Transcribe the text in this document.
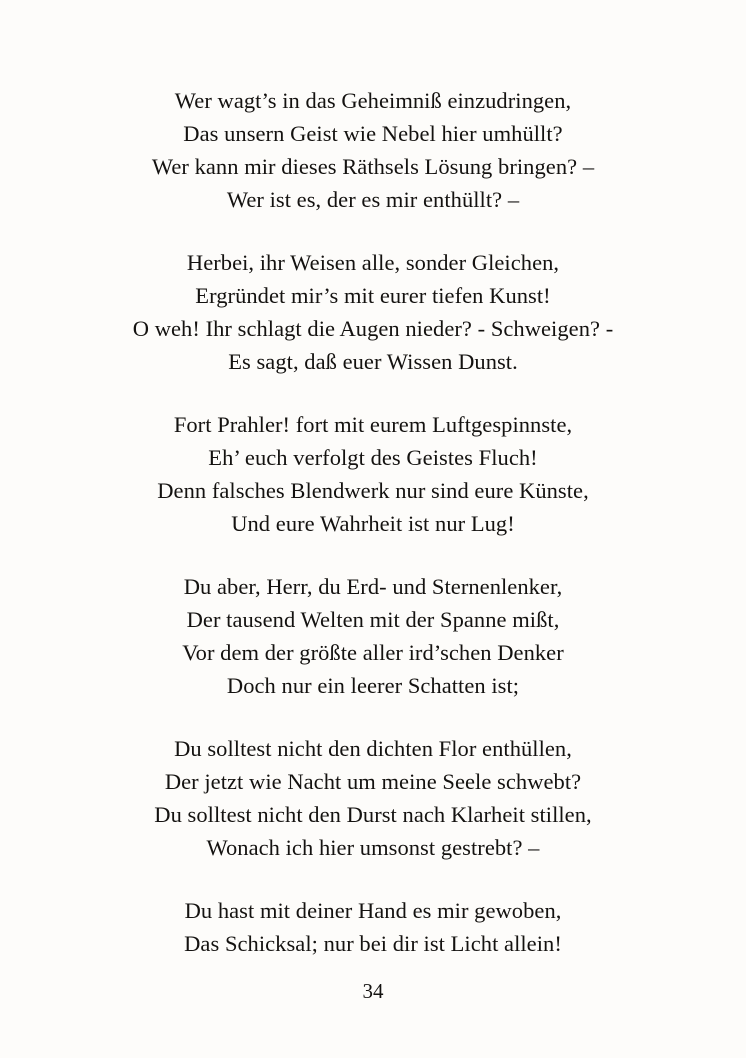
Wer wagt’s in das Geheimniß einzudringen,
Das unsern Geist wie Nebel hier umhüllt?
Wer kann mir dieses Räthsels Lösung bringen? –
Wer ist es, der es mir enthüllt? –
Herbei, ihr Weisen alle, sonder Gleichen,
Ergründet mir’s mit eurer tiefen Kunst!
O weh! Ihr schlagt die Augen nieder? - Schweigen? -
Es sagt, daß euer Wissen Dunst.
Fort Prahler! fort mit eurem Luftgespinnste,
Eh’ euch verfolgt des Geistes Fluch!
Denn falsches Blendwerk nur sind eure Künste,
Und eure Wahrheit ist nur Lug!
Du aber, Herr, du Erd- und Sternenlenker,
Der tausend Welten mit der Spanne mißt,
Vor dem der größte aller ird’schen Denker
Doch nur ein leerer Schatten ist;
Du solltest nicht den dichten Flor enthüllen,
Der jetzt wie Nacht um meine Seele schwebt?
Du solltest nicht den Durst nach Klarheit stillen,
Wonach ich hier umsonst gestrebt? –
Du hast mit deiner Hand es mir gewoben,
Das Schicksal; nur bei dir ist Licht allein!
34
